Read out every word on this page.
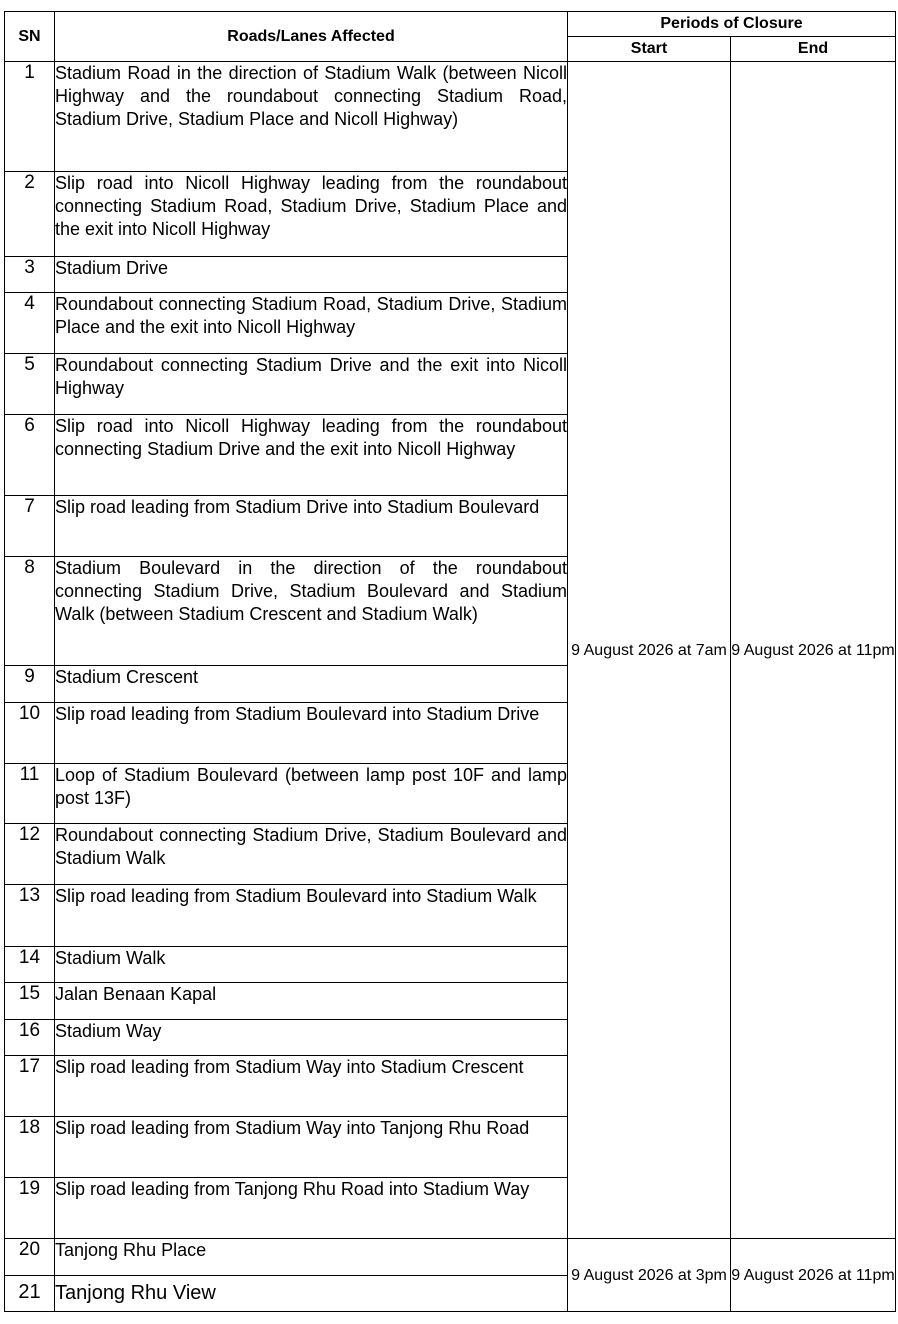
SN	Roads/Lanes Affected	Periods of Closure	
		Start	End
1	Stadium Road in the direction of Stadium Walk (between Nicoll Highway and the roundabout connecting Stadium Road, Stadium Drive, Stadium Place and Nicoll Highway)	9 August 2026 at 7am	9 August 2026 at 11pm
2	Slip road into Nicoll Highway leading from the roundabout connecting Stadium Road, Stadium Drive, Stadium Place and the exit into Nicoll Highway		
3	Stadium Drive		
4	Roundabout connecting Stadium Road, Stadium Drive, Stadium Place and the exit into Nicoll Highway		
5	Roundabout connecting Stadium Drive and the exit into Nicoll Highway		
6	Slip road into Nicoll Highway leading from the roundabout connecting Stadium Drive and the exit into Nicoll Highway		
7	Slip road leading from Stadium Drive into Stadium Boulevard		
8	Stadium Boulevard in the direction of the roundabout connecting Stadium Drive, Stadium Boulevard and Stadium Walk (between Stadium Crescent and Stadium Walk)		
9	Stadium Crescent		
10	Slip road leading from Stadium Boulevard into Stadium Drive		
11	Loop of Stadium Boulevard (between lamp post 10F and lamp post 13F)		
12	Roundabout connecting Stadium Drive, Stadium Boulevard and Stadium Walk		
13	Slip road leading from Stadium Boulevard into Stadium Walk		
14	Stadium Walk		
15	Jalan Benaan Kapal		
16	Stadium Way		
17	Slip road leading from Stadium Way into Stadium Crescent		
18	Slip road leading from Stadium Way into Tanjong Rhu Road		
19	Slip road leading from Tanjong Rhu Road into Stadium Way		
20	Tanjong Rhu Place	9 August 2026 at 3pm	9 August 2026 at 11pm
21	Tanjong Rhu View		
